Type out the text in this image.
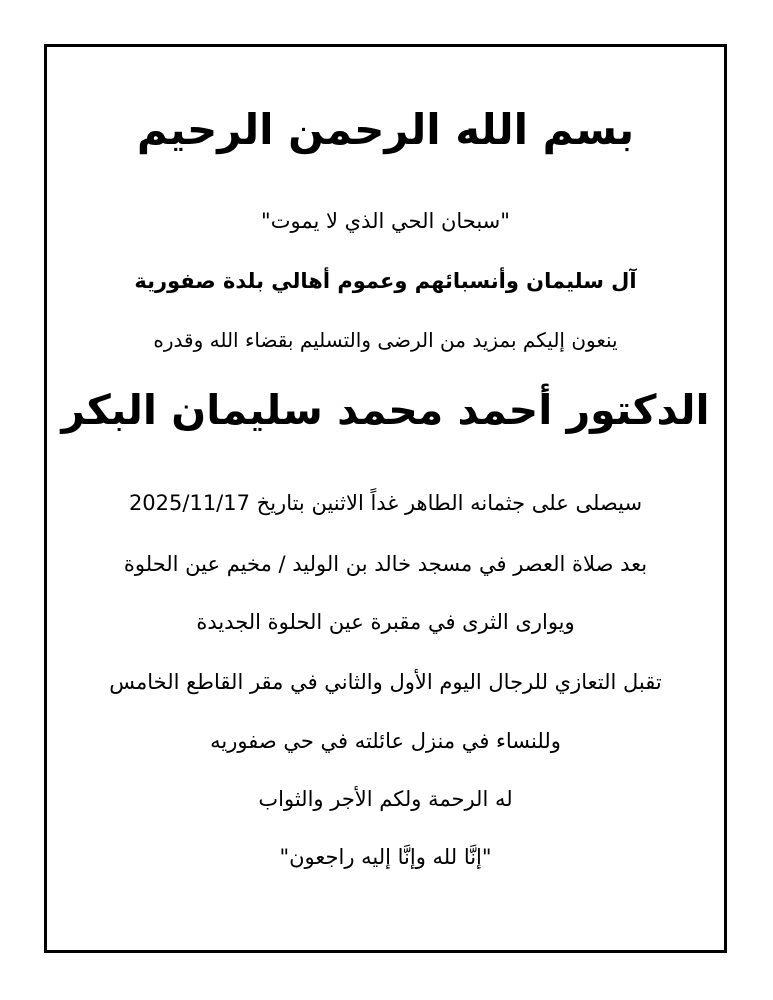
بسم الله الرحمن الرحيم
"سبحان الحي الذي لا يموت"
آل سليمان وأنسبائهم وعموم أهالي بلدة صفورية
ينعون إليكم بمزيد من الرضى والتسليم بقضاء الله وقدره
الدكتور أحمد محمد سليمان البكر
سيصلى على جثمانه الطاهر غداً الاثنين بتاريخ 2025/11/17
بعد صلاة العصر في مسجد خالد بن الوليد / مخيم عين الحلوة
ويوارى الثرى في مقبرة عين الحلوة الجديدة
تقبل التعازي للرجال اليوم الأول والثاني في مقر القاطع الخامس
وللنساء في منزل عائلته في حي صفوريه
له الرحمة ولكم الأجر والثواب
"إنَّا لله وإنَّا إليه راجعون"
